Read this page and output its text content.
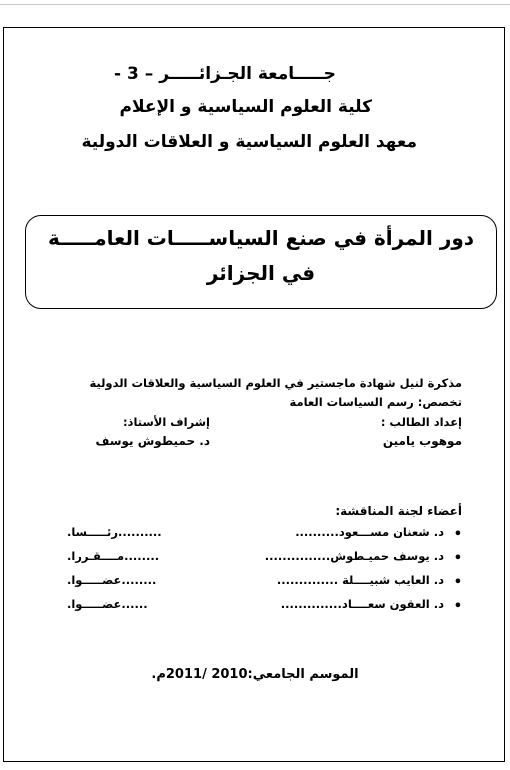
جـــــامعة الجـزائـــــر – 3 -
كلية العلوم السياسية و الإعلام
معهد العلوم السياسية و العلاقات الدولية
دور المرأة في صنع السياســـــات العامـــــة
في الجزائر
مذكرة لنيل شهادة ماجستير في العلوم السياسية والعلاقات الدولية
تخصص: رسم السياسات العامة
إعداد الطالب :
إشراف الأستاذ:
موهوب يامين
د. حميطوش يوسف
أعضاء لجنة المناقشة:
•
د. شعنان مســـعود..........
..........رئـــــسا.
•
د. يوسف حميـطوش...............
........مــــقـررا.
•
د. العايب شبيــــلة ..............
........عضـــــوا.
•
د. العقون سعــــاد..............
......عضـــــوا.
الموسم الجامعي:2010 /2011م.
